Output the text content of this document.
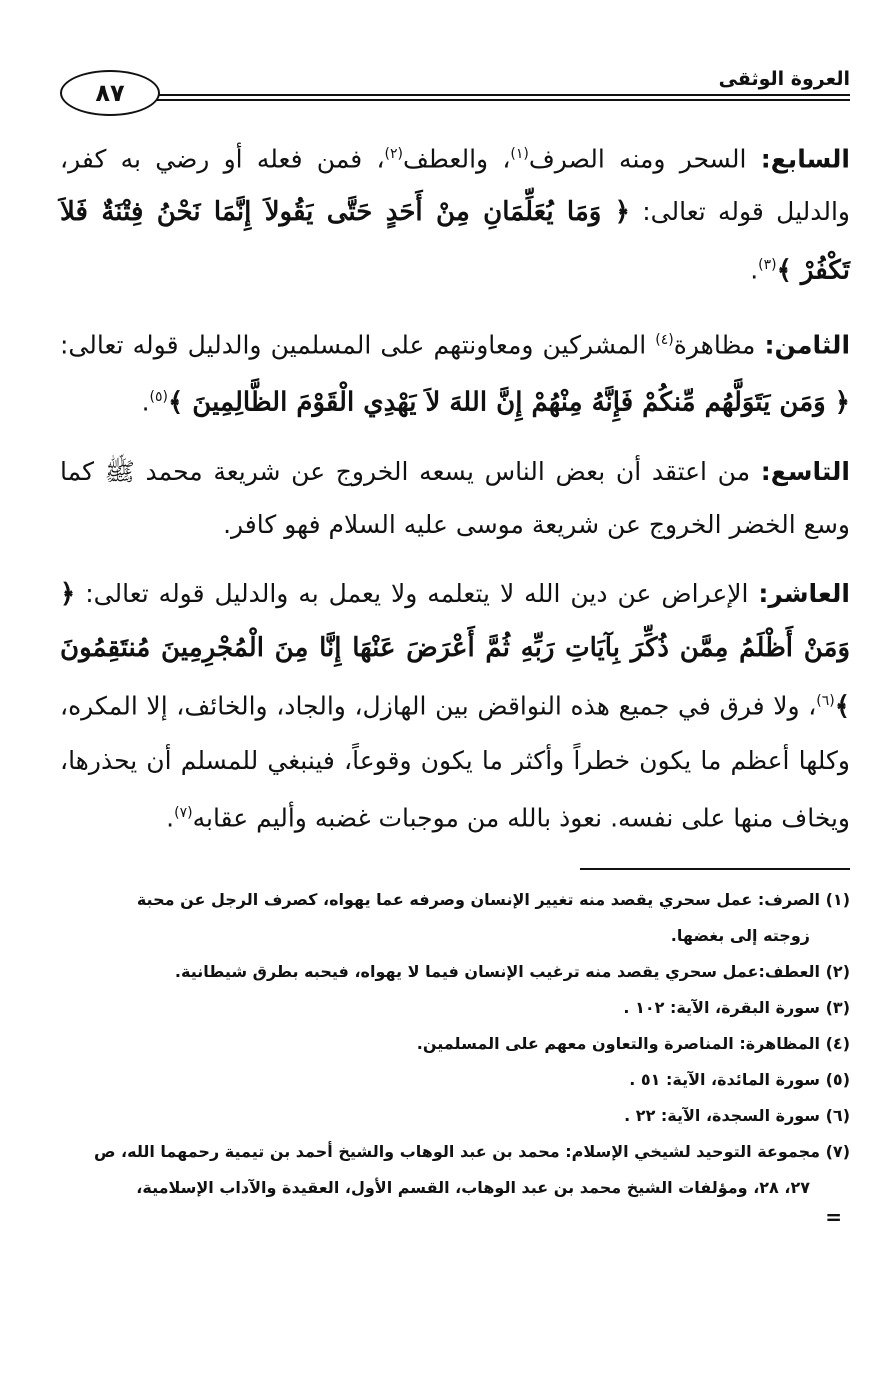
العروة الوثقى
٨٧

السابع: السحر ومنه الصرف$^{(١)}$، والعطف$^{(٢)}$، فمن فعله أو رضي به كفر، والدليل قوله تعالى: ﴿ وَمَا يُعَلِّمَانِ مِنْ أَحَدٍ حَتَّى يَقُولاَ إِنَّمَا نَحْنُ فِتْنَةٌ فَلاَ تَكْفُرْ ﴾$^{(٣)}$.

الثامن: مظاهرة$^{(٤)}$ المشركين ومعاونتهم على المسلمين والدليل قوله تعالى: ﴿ وَمَن يَتَوَلَّهُم مِّنكُمْ فَإِنَّهُ مِنْهُمْ إِنَّ اللهَ لاَ يَهْدِي الْقَوْمَ الظَّالِمِينَ ﴾$^{(٥)}$.

التاسع: من اعتقد أن بعض الناس يسعه الخروج عن شريعة محمد ﷺ كما وسع الخضر الخروج عن شريعة موسى عليه السلام فهو كافر.

العاشر: الإعراض عن دين الله لا يتعلمه ولا يعمل به والدليل قوله تعالى: ﴿ وَمَنْ أَظْلَمُ مِمَّن ذُكِّرَ بِآيَاتِ رَبِّهِ ثُمَّ أَعْرَضَ عَنْهَا إِنَّا مِنَ الْمُجْرِمِينَ مُنتَقِمُونَ ﴾$^{(٦)}$، ولا فرق في جميع هذه النواقض بين الهازل، والجاد، والخائف، إلا المكره، وكلها أعظم ما يكون خطراً وأكثر ما يكون وقوعاً، فينبغي للمسلم أن يحذرها، ويخاف منها على نفسه. نعوذ بالله من موجبات غضبه وأليم عقابه$^{(٧)}$.

(١) الصرف: عمل سحري يقصد منه تغيير الإنسان وصرفه عما يهواه، كصرف الرجل عن محبة

زوجته إلى بغضها.

(٢) العطف:عمل سحري يقصد منه ترغيب الإنسان فيما لا يهواه، فيحبه بطرق شيطانية.

(٣) سورة البقرة، الآية: ١٠٢ .

(٤) المظاهرة: المناصرة والتعاون معهم على المسلمين.

(٥) سورة المائدة، الآية: ٥١ .

(٦) سورة السجدة، الآية: ٢٢ .

(٧) مجموعة التوحيد لشيخي الإسلام: محمد بن عبد الوهاب والشيخ أحمد بن تيمية رحمهما الله، ص

٢٧، ٢٨، ومؤلفات الشيخ محمد بن عبد الوهاب، القسم الأول، العقيدة والآداب الإسلامية،

=
